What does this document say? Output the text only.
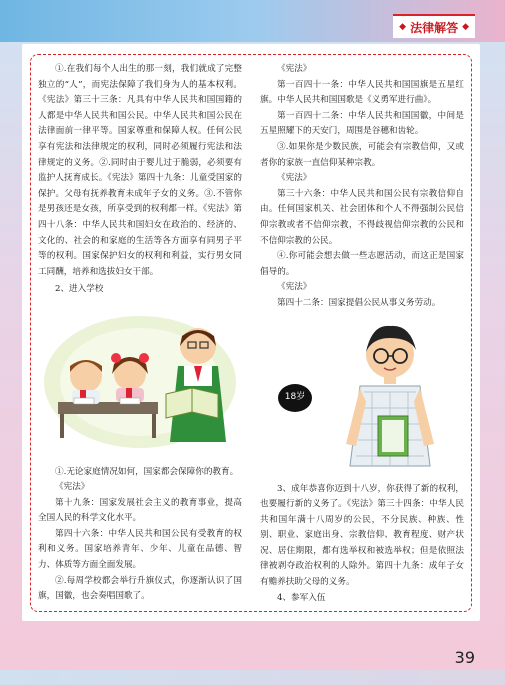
◆ 法律解答 ◆

①.在我们每个人出生的那一刻，我们就成了完整独立的“人”，而宪法保障了我们身为人的基本权利。《宪法》第三十三条：凡具有中华人民共和国国籍的人都是中华人民共和国公民。中华人民共和国公民在法律面前一律平等。国家尊重和保障人权。任何公民享有宪法和法律规定的权利，同时必须履行宪法和法律规定的义务。②.同时由于婴儿过于脆弱，必须要有监护人抚育成长。《宪法》第四十九条：儿童受国家的保护。父母有抚养教育未成年子女的义务。③.不管你是男孩还是女孩，所享受到的权利都一样。《宪法》第四十八条：中华人民共和国妇女在政治的、经济的、文化的、社会的和家庭的生活等各方面享有同男子平等的权利。国家保护妇女的权利和利益，实行男女同工同酬，培养和选拔妇女干部。

2、进入学校

①.无论家庭情况如何，国家都会保障你的教育。

《宪法》

第十九条：国家发展社会主义的教育事业，提高全国人民的科学文化水平。

第四十六条：中华人民共和国公民有受教育的权利和义务。国家培养青年、少年、儿童在品德、智力、体质等方面全面发展。

②.每周学校都会举行升旗仪式，你逐渐认识了国旗，国徽，也会奏唱国歌了。

《宪法》

第一百四十一条：中华人民共和国国旗是五星红旗。中华人民共和国国歌是《义勇军进行曲》。

第一百四十二条：中华人民共和国国徽，中间是五星照耀下的天安门，周围是谷穗和齿轮。

③.如果你是少数民族，可能会有宗教信仰，又或者你的家族一直信仰某种宗教。

《宪法》

第三十六条：中华人民共和国公民有宗教信仰自由。任何国家机关、社会团体和个人不得强制公民信仰宗教或者不信仰宗教，不得歧视信仰宗教的公民和不信仰宗教的公民。

④.你可能会想去做一些志愿活动，而这正是国家倡导的。

《宪法》

第四十二条：国家提倡公民从事义务劳动。

18岁

3、成年恭喜你迈到十八岁，你获得了新的权利，也要履行新的义务了。《宪法》第三十四条：中华人民共和国年满十八周岁的公民，不分民族、种族、性别、职业、家庭出身、宗教信仰、教育程度、财产状况、居住期限，都有选举权和被选举权；但是依照法律被剥夺政治权利的人除外。第四十九条：成年子女有赡养扶助父母的义务。

4、参军入伍

39
